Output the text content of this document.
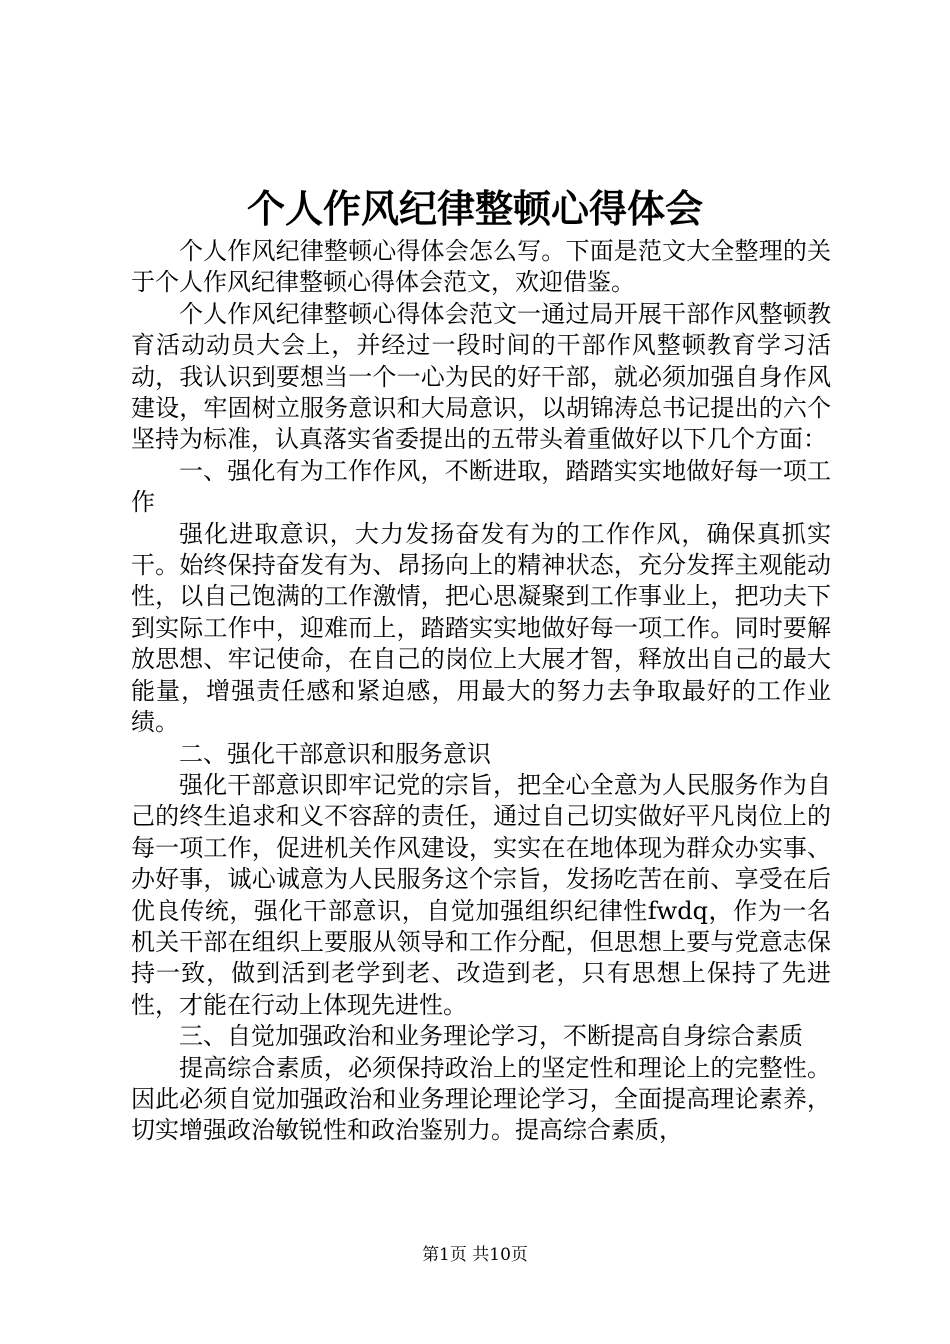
个人作风纪律整顿心得体会

个人作风纪律整顿心得体会怎么写。下面是范文大全整理的关于个人作风纪律整顿心得体会范文，欢迎借鉴。

个人作风纪律整顿心得体会范文一通过局开展干部作风整顿教育活动动员大会上，并经过一段时间的干部作风整顿教育学习活动，我认识到要想当一个一心为民的好干部，就必须加强自身作风建设，牢固树立服务意识和大局意识，以胡锦涛总书记提出的六个坚持为标准，认真落实省委提出的五带头着重做好以下几个方面：

一、强化有为工作作风，不断进取，踏踏实实地做好每一项工作

强化进取意识，大力发扬奋发有为的工作作风，确保真抓实干。始终保持奋发有为、昂扬向上的精神状态，充分发挥主观能动性，以自己饱满的工作激情，把心思凝聚到工作事业上，把功夫下到实际工作中，迎难而上，踏踏实实地做好每一项工作。同时要解放思想、牢记使命，在自己的岗位上大展才智，释放出自己的最大能量，增强责任感和紧迫感，用最大的努力去争取最好的工作业绩。

二、强化干部意识和服务意识

强化干部意识即牢记党的宗旨，把全心全意为人民服务作为自己的终生追求和义不容辞的责任，通过自己切实做好平凡岗位上的每一项工作，促进机关作风建设，实实在在地体现为群众办实事、办好事，诚心诚意为人民服务这个宗旨，发扬吃苦在前、享受在后优良传统，强化干部意识，自觉加强组织纪律性fwdq，作为一名机关干部在组织上要服从领导和工作分配，但思想上要与党意志保持一致，做到活到老学到老、改造到老，只有思想上保持了先进性，才能在行动上体现先进性。

三、自觉加强政治和业务理论学习，不断提高自身综合素质

提高综合素质，必须保持政治上的坚定性和理论上的完整性。因此必须自觉加强政治和业务理论理论学习，全面提高理论素养，切实增强政治敏锐性和政治鉴别力。提高综合素质，

第1页 共10页
